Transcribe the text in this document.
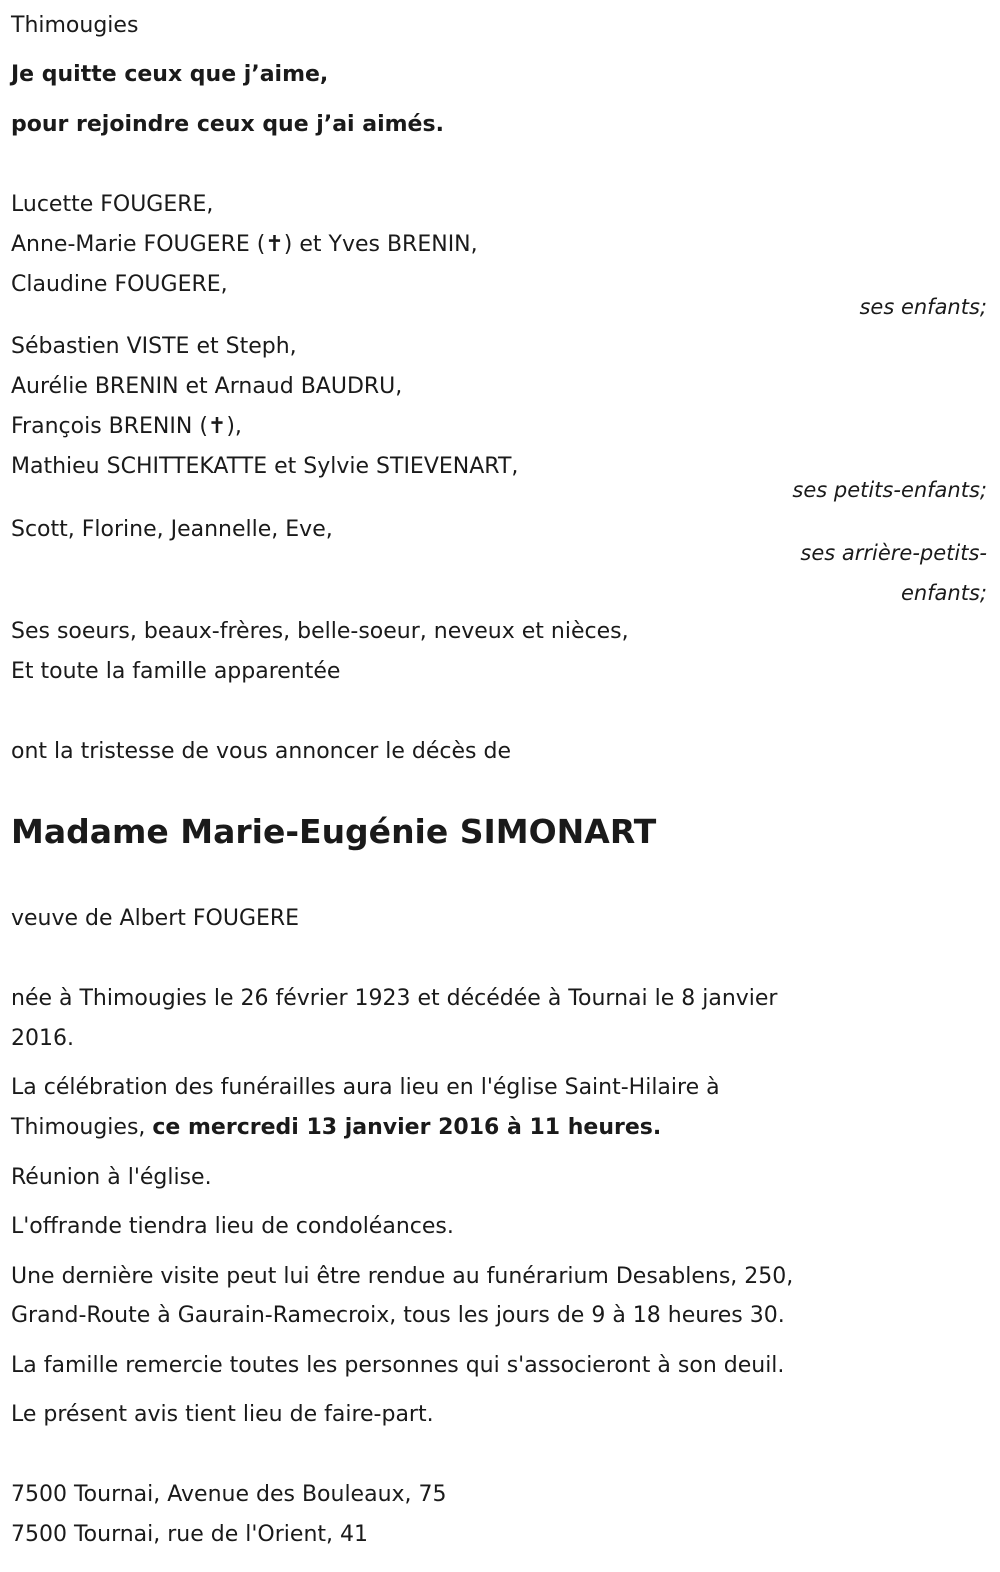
Thimougies
Je quitte ceux que j’aime,
pour rejoindre ceux que j’ai aimés.
Lucette FOUGERE,
Anne-Marie FOUGERE (✝) et Yves BRENIN,
Claudine FOUGERE,
ses enfants;
Sébastien VISTE et Steph,
Aurélie BRENIN et Arnaud BAUDRU,
François BRENIN (✝),
Mathieu SCHITTEKATTE et Sylvie STIEVENART,
ses petits-enfants;
Scott, Florine, Jeannelle, Eve,
ses arrière-petits-
enfants;
Ses soeurs, beaux-frères, belle-soeur, neveux et nièces,
Et toute la famille apparentée
ont la tristesse de vous annoncer le décès de
Madame Marie-Eugénie SIMONART
veuve de Albert FOUGERE
née à Thimougies le 26 février 1923 et décédée à Tournai le 8 janvier
2016.
La célébration des funérailles aura lieu en l'église Saint-Hilaire à
Thimougies, ce mercredi 13 janvier 2016 à 11 heures.
Réunion à l'église.
L'offrande tiendra lieu de condoléances.
Une dernière visite peut lui être rendue au funérarium Desablens, 250,
Grand-Route à Gaurain-Ramecroix, tous les jours de 9 à 18 heures 30.
La famille remercie toutes les personnes qui s'associeront à son deuil.
Le présent avis tient lieu de faire-part.
7500 Tournai, Avenue des Bouleaux, 75
7500 Tournai, rue de l'Orient, 41
